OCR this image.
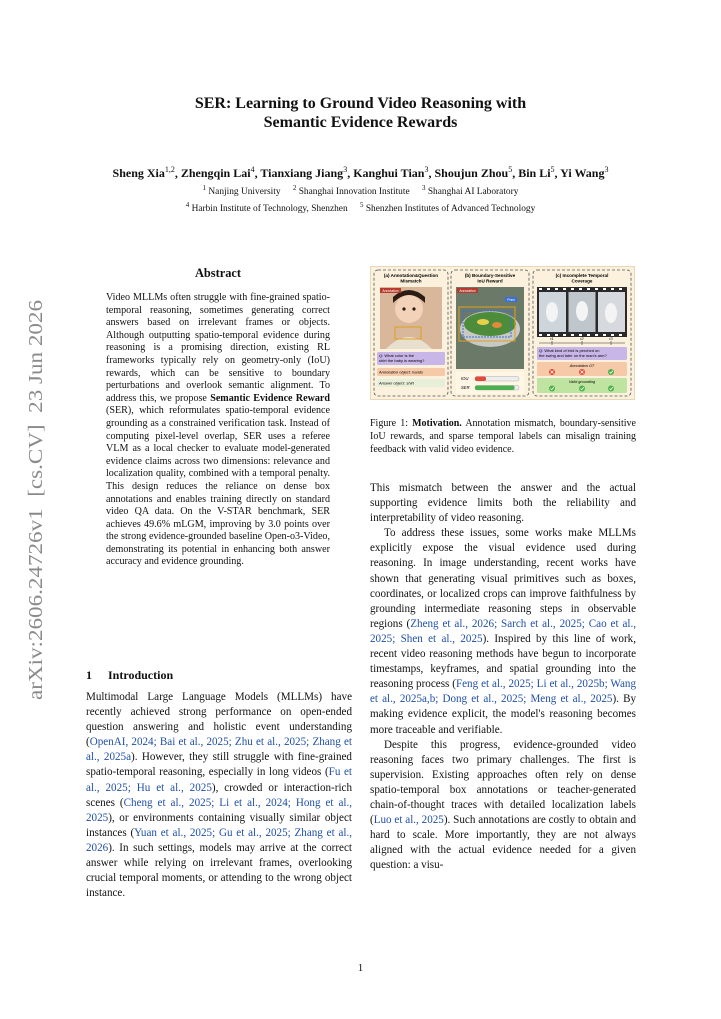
arXiv:2606.24726v1  [cs.CV]  23 Jun 2026
SER: Learning to Ground Video Reasoning with
Semantic Evidence Rewards
Sheng Xia$^{1,2}$, Zhengqin Lai$^4$, Tianxiang Jiang$^3$, Kanghui Tian$^3$, Shoujun Zhou$^5$, Bin Li$^5$, Yi Wang$^3$
$^1$ Nanjing University $^2$ Shanghai Innovation Institute $^3$ Shanghai AI Laboratory
$^4$ Harbin Institute of Technology, Shenzhen $^5$ Shenzhen Institutes of Advanced Technology
Abstract
Video MLLMs often struggle with fine-grained spatio-temporal reasoning, sometimes generating correct answers based on irrelevant frames or objects. Although outputting spatio-temporal evidence during reasoning is a promising direction, existing RL frameworks typically rely on geometry-only (IoU) rewards, which can be sensitive to boundary perturbations and overlook semantic alignment. To address this, we propose Semantic Evidence Reward (SER), which reformulates spatio-temporal evidence grounding as a constrained verification task. Instead of computing pixel-level overlap, SER uses a referee VLM as a local checker to evaluate model-generated evidence claims across two dimensions: relevance and localization quality, combined with a temporal penalty. This design reduces the reliance on dense box annotations and enables training directly on standard video QA data. On the V-STAR benchmark, SER achieves 49.6% mLGM, improving by 3.0 points over the strong evidence-grounded baseline Open-o3-Video, demonstrating its potential in enhancing both answer accuracy and evidence grounding.
1 Introduction

Multimodal Large Language Models (MLLMs) have recently achieved strong performance on open-ended question answering and holistic event understanding (OpenAI, 2024; Bai et al., 2025; Zhu et al., 2025; Zhang et al., 2025a). However, they still struggle with fine-grained spatio-temporal reasoning, especially in long videos (Fu et al., 2025; Hu et al., 2025), crowded or interaction-rich scenes (Cheng et al., 2025; Li et al., 2024; Hong et al., 2025), or environments containing visually similar object instances (Yuan et al., 2025; Gu et al., 2025; Zhang et al., 2026). In such settings, models may arrive at the correct answer while relying on irrelevant frames, overlooking crucial temporal moments, or attending to the wrong object instance.

This mismatch between the answer and the actual supporting evidence limits both the reliability and interpretability of video reasoning.

To address these issues, some works make MLLMs explicitly expose the visual evidence used during reasoning. In image understanding, recent works have shown that generating visual primitives such as boxes, coordinates, or localized crops can improve faithfulness by grounding intermediate reasoning steps in observable regions (Zheng et al., 2026; Sarch et al., 2025; Cao et al., 2025; Shen et al., 2025). Inspired by this line of work, recent video reasoning methods have begun to incorporate timestamps, keyframes, and spatial grounding into the reasoning process (Feng et al., 2025; Li et al., 2025b; Wang et al., 2025a,b; Dong et al., 2025; Meng et al., 2025). By making evidence explicit, the model's reasoning becomes more traceable and verifiable.

Despite this progress, evidence-grounded video reasoning faces two primary challenges. The first is supervision. Existing approaches often rely on dense spatio-temporal box annotations or teacher-generated chain-of-thought traces with detailed localization labels (Luo et al., 2025). Such annotations are costly to obtain and hard to scale. More importantly, they are not always aligned with the actual evidence needed for a given question: a visu-

(a) Annotation&Question
Mismatch
Annotation
Q: What color is the shirt the baby is wearing?
Annotation object: hands
Answer object: shirt
(b) Boundary-Sensitive
IoU Reward
Annotation
Pred
IOU
SER
(c) Incomplete Temporal
Coverage
t1	t2	t3
Q: What kind of bird is perched on the swing and later on the man's arm?
Annotation GT
Valid grounding
Figure 1: Motivation. Annotation mismatch, boundary-sensitive IoU rewards, and sparse temporal labels can misalign training feedback with valid video evidence.
1
